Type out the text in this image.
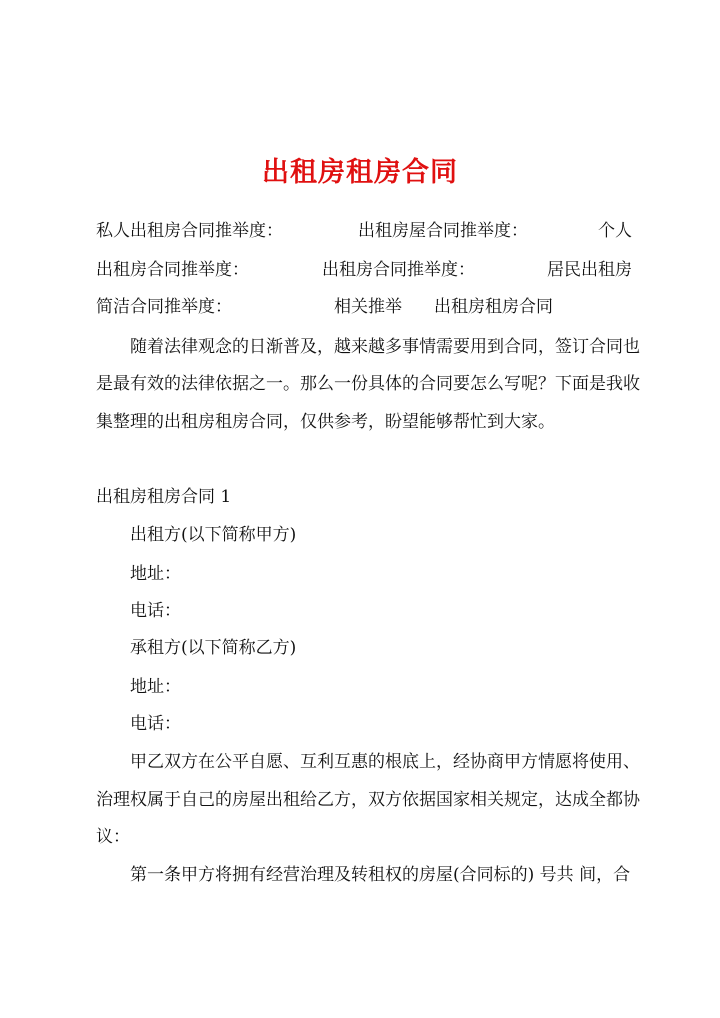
出租房租房合同
私人出租房合同推举度：	出租房屋合同推举度：	个人
出租房合同推举度：	出租房合同推举度：	居民出租房
简洁合同推举度：	相关推举 出租房租房合同
随着法律观念的日渐普及，越来越多事情需要用到合同，签订合同也
是最有效的法律依据之一。那么一份具体的合同要怎么写呢？下面是我收
集整理的出租房租房合同，仅供参考，盼望能够帮忙到大家。
出租房租房合同 1
出租方(以下简称甲方)
地址：
电话：
承租方(以下简称乙方)
地址：
电话：
甲乙双方在公平自愿、互利互惠的根底上，经协商甲方情愿将使用、
治理权属于自己的房屋出租给乙方，双方依据国家相关规定，达成全都协
议：
第一条甲方将拥有经营治理及转租权的房屋(合同标的) 号共 间，合
